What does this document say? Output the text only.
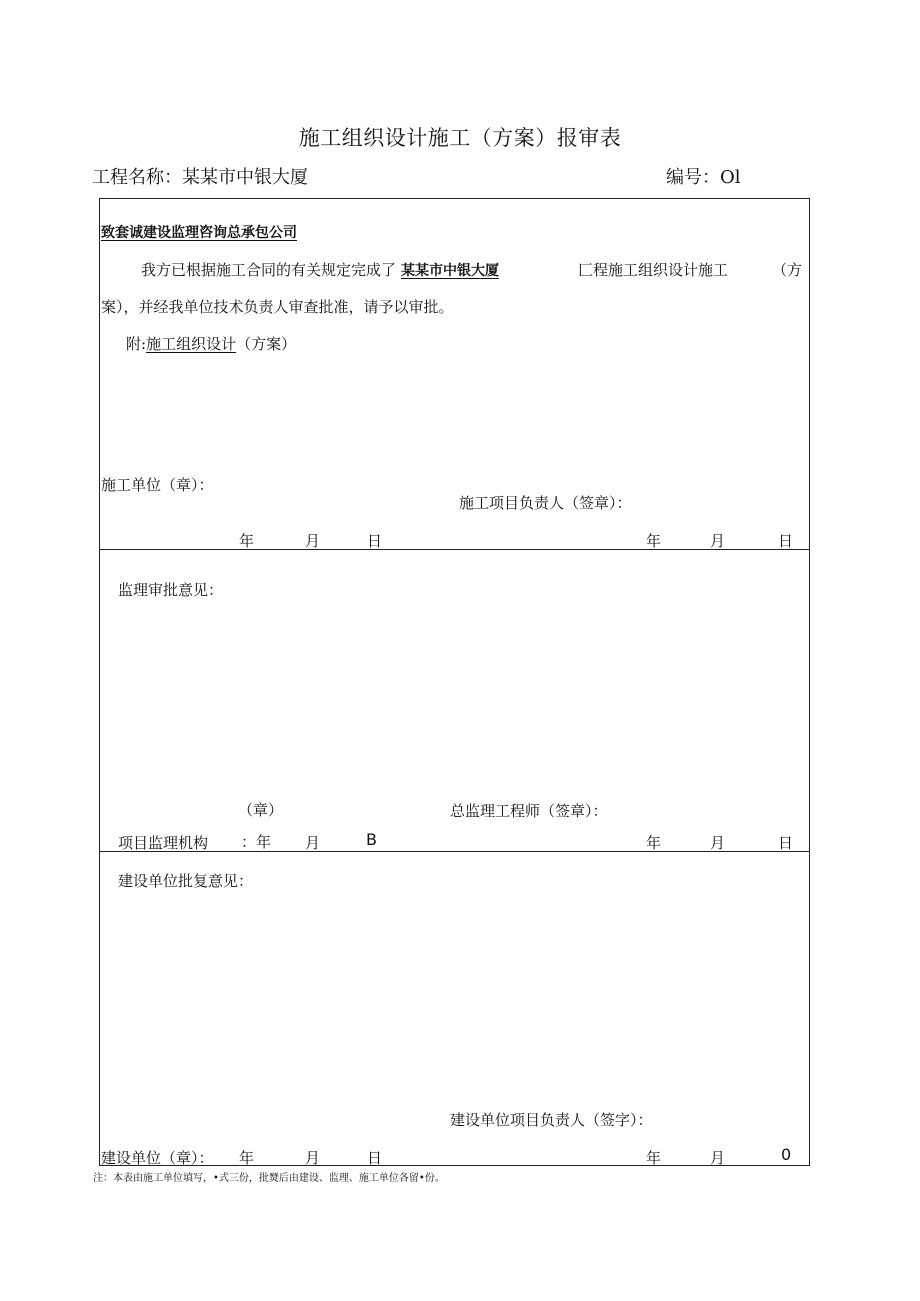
施工组织设计施工（方案）报审表
工程名称：某某市中银大厦	编号：Ol
致套诚建设监理咨询总承包公司
我方已根据施工合同的有关规定完成了 某某市中银大厦	匚程施工组织设计施工	（方
案），并经我单位技术负责人审查批准，请予以审批。
附:施工组织设计（方案）
施工单位（章）：
施工项目负责人（签章）：
年	月	日	年	月	日
监理审批意见：
（章）	总监理工程师（签章）：
项目监理机构 ：年 月	B	年	月	日
建设单位批复意见：
建设单位项目负责人（签字）：
建设单位（章）： 年	月	日	年	月	0
注：本表由施工单位填写，•式三份，批燹后由建设、监理、施工单位各留•份。
